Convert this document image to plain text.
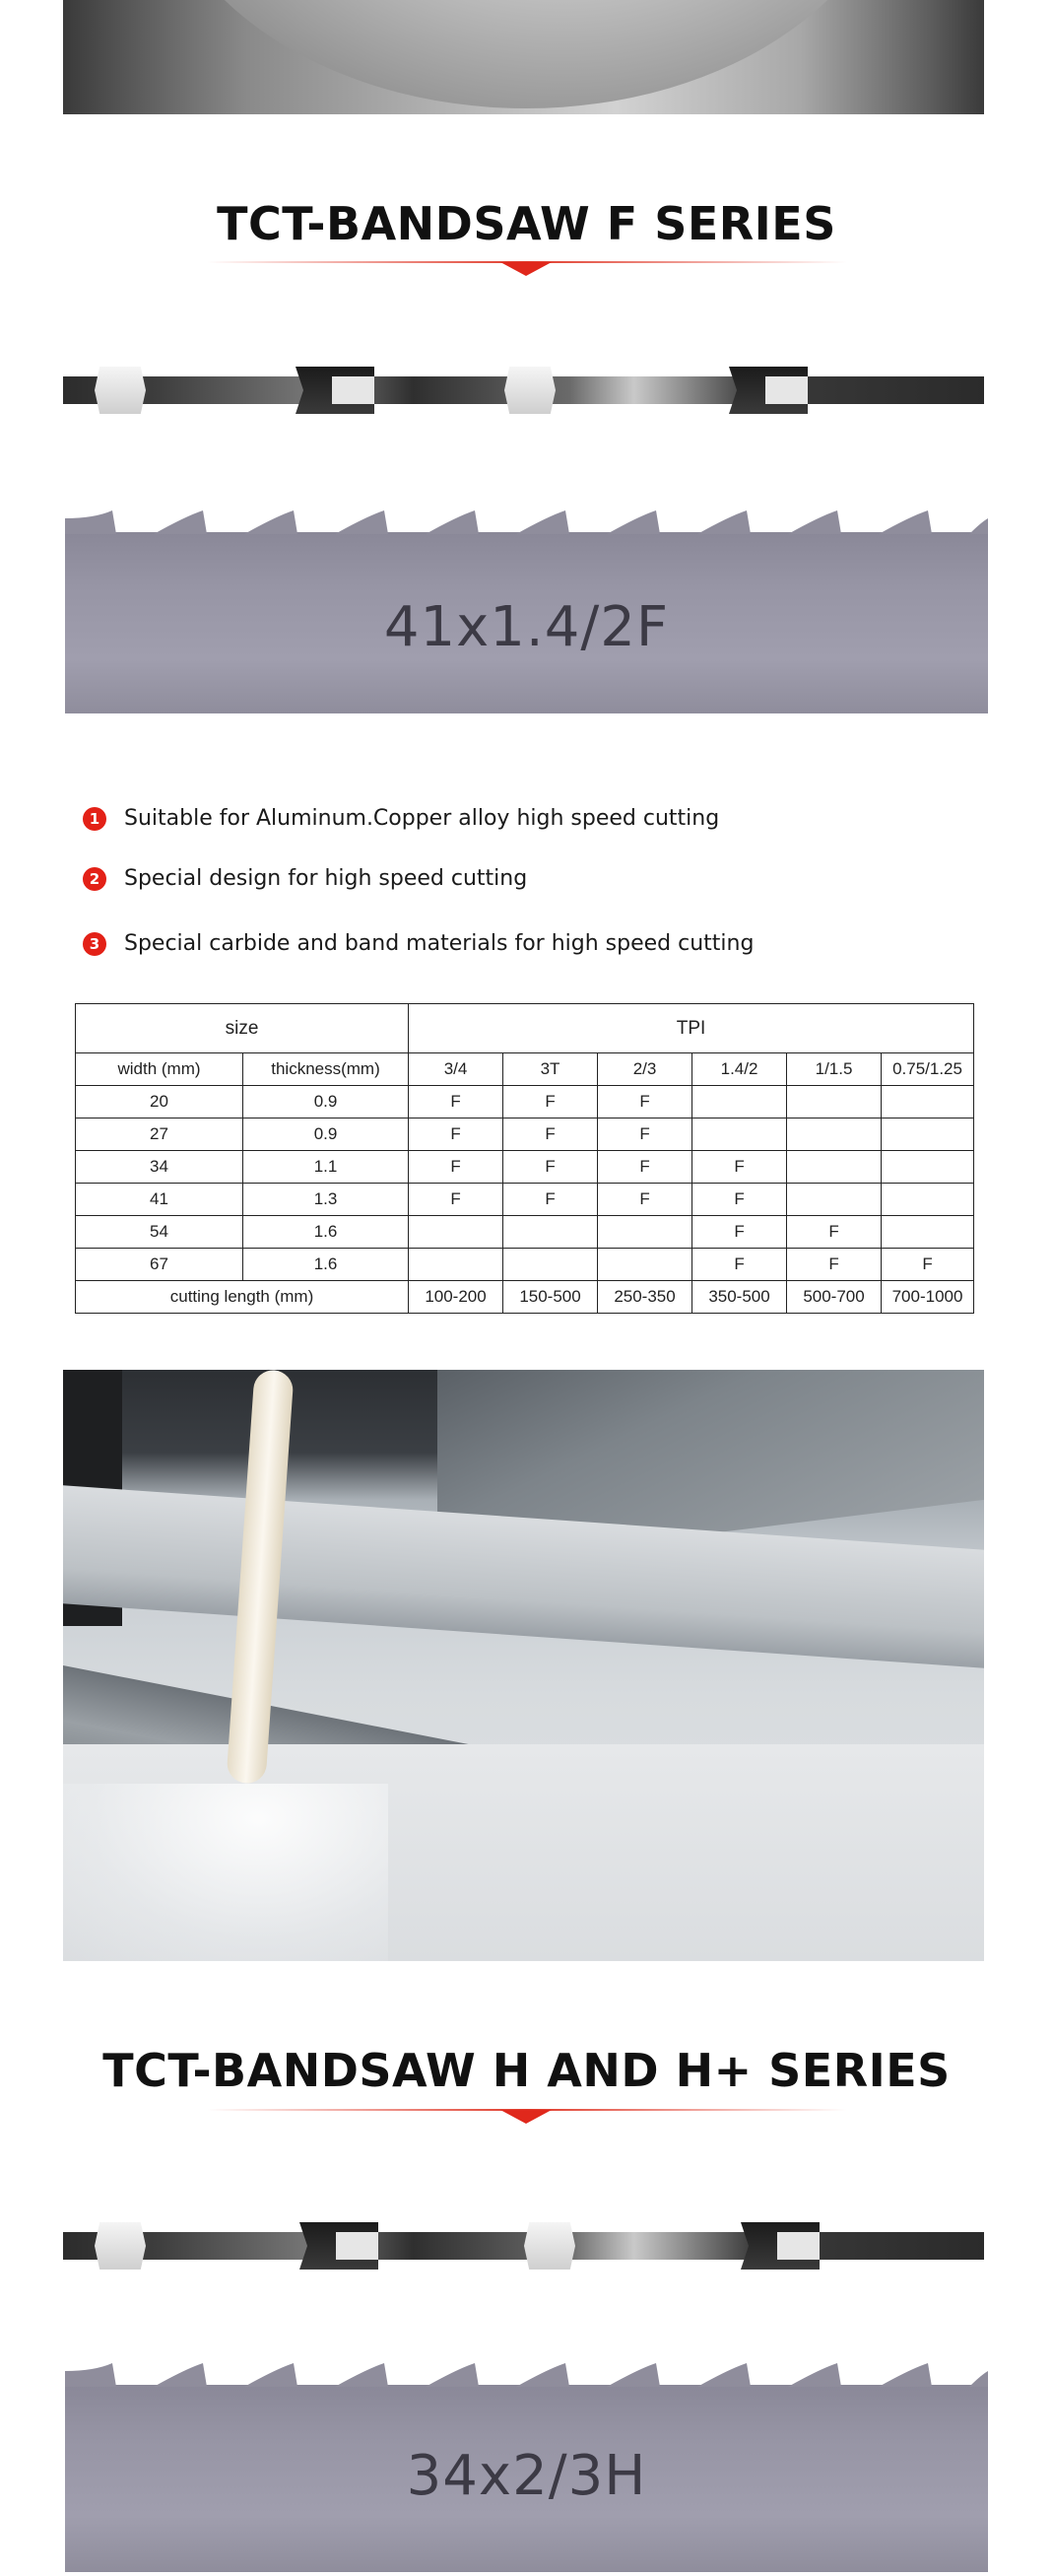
TCT-BANDSAW F SERIES
41x1.4/2F
1	Suitable for Aluminum.Copper alloy high speed cutting
2	Special design for high speed cutting
3	Special carbide and band materials for high speed cutting
size		TPI					
width (mm)	thickness(mm)	3/4	3T	2/3	1.4/2	1/1.5	0.75/1.25
20	0.9	F	F	F			
27	0.9	F	F	F			
34	1.1	F	F	F	F		
41	1.3	F	F	F	F		
54	1.6				F	F	
67	1.6				F	F	F
cutting length (mm)		100-200	150-500	250-350	350-500	500-700	700-1000
TCT-BANDSAW H AND H+ SERIES
34x2/3H
